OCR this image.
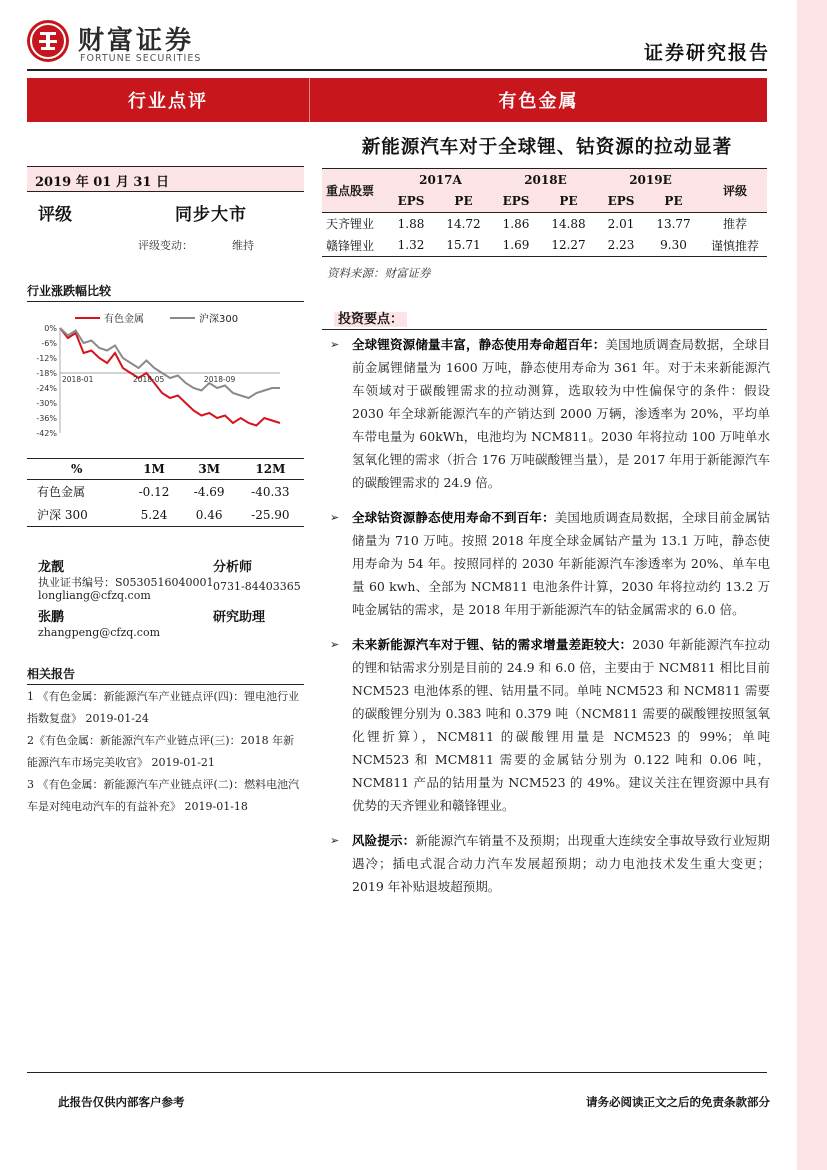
财富证券
FORTUNE SECURITIES	证券研究报告
行业点评	有色金属
新能源汽车对于全球锂、钴资源的拉动显著
2019 年 01 月 31 日
评级	同步大市
评级变动：	维持
行业涨跌幅比较
0%
-6%
-12%
-18%
-24%
-30%
-36%
-42%
2018-01	2018-05	2018-09
有色金属	沪深300
%	1M	3M	12M
有色金属	-0.12	-4.69	-40.33
沪深 300	5.24	0.46	-25.90
龙靓	分析师
执业证书编号：S0530516040001 0731-84403365
longliang@cfzq.com
张鹏	研究助理
zhangpeng@cfzq.com
相关报告
1 《有色金属：新能源汽车产业链点评(四)：锂电池行业指数复盘》 2019-01-24
2《有色金属：新能源汽车产业链点评(三)：2018 年新能源汽车市场完美收官》 2019-01-21
3 《有色金属：新能源汽车产业链点评(二)：燃料电池汽车是对纯电动汽车的有益补充》 2019-01-18
重点股票	2017A		2018E		2019E		评级
	EPS	PE	EPS	PE	EPS	PE	
天齐锂业	1.88	14.72	1.86	14.88	2.01	13.77	推荐
赣锋锂业	1.32	15.71	1.69	12.27	2.23	9.30	谨慎推荐
资料来源：财富证券
投资要点：
➢ 全球锂资源储量丰富，静态使用寿命超百年：美国地质调查局数据，全球目前金属锂储量为 1600 万吨，静态使用寿命为 361 年。对于未来新能源汽车领域对于碳酸锂需求的拉动测算，选取较为中性偏保守的条件：假设 2030 年全球新能源汽车的产销达到 2000 万辆，渗透率为 20%，平均单车带电量为 60kWh，电池均为 NCM811。2030 年将拉动 100 万吨单水氢氧化锂的需求（折合 176 万吨碳酸锂当量），是 2017 年用于新能源汽车的碳酸锂需求的 24.9 倍。
➢ 全球钴资源静态使用寿命不到百年：美国地质调查局数据，全球目前金属钴储量为 710 万吨。按照 2018 年度全球金属钴产量为 13.1 万吨，静态使用寿命为 54 年。按照同样的 2030 年新能源汽车渗透率为 20%、单车电量 60 kwh、全部为 NCM811 电池条件计算，2030 年将拉动约 13.2 万吨金属钴的需求，是 2018 年用于新能源汽车的钴金属需求的 6.0 倍。
➢ 未来新能源汽车对于锂、钴的需求增量差距较大：2030 年新能源汽车拉动的锂和钴需求分别是目前的 24.9 和 6.0 倍，主要由于 NCM811 相比目前 NCM523 电池体系的锂、钴用量不同。单吨 NCM523 和 NCM811 需要的碳酸锂分别为 0.383 吨和 0.379 吨（NCM811 需要的碳酸锂按照氢氧化锂折算），NCM811 的碳酸锂用量是 NCM523 的 99%；单吨 NCM523 和 MCM811 需要的金属钴分别为 0.122 吨和 0.06 吨，NCM811 产品的钴用量为 NCM523 的 49%。建议关注在锂资源中具有优势的天齐锂业和赣锋锂业。
➢ 风险提示：新能源汽车销量不及预期；出现重大连续安全事故导致行业短期遇冷；插电式混合动力汽车发展超预期；动力电池技术发生重大变更；2019 年补贴退坡超预期。
此报告仅供内部客户参考	请务必阅读正文之后的免责条款部分
